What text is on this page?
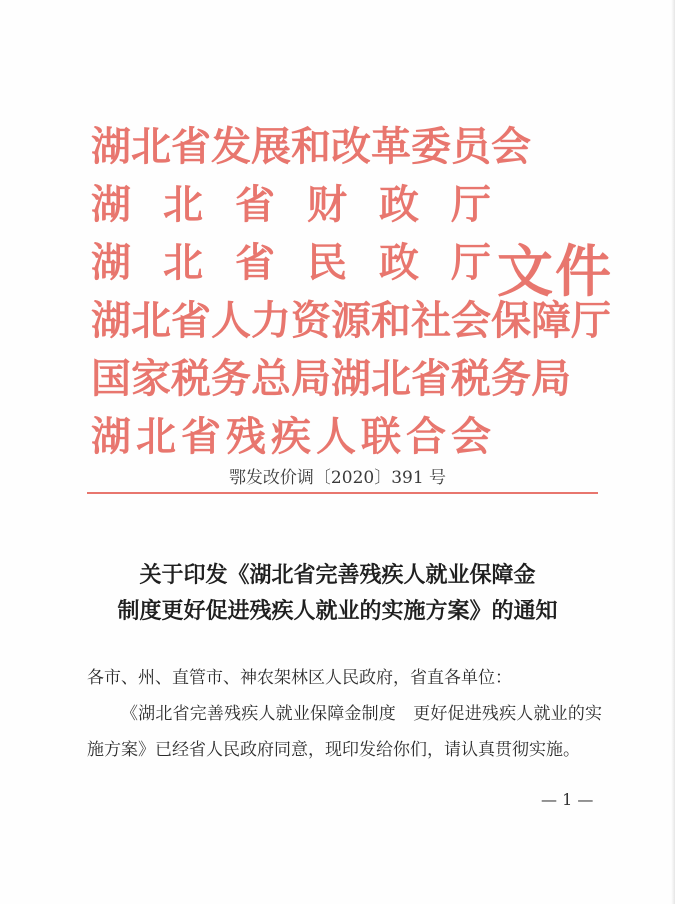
湖北省发展和改革委员会
湖北省财政厅
湖北省民政厅
湖北省人力资源和社会保障厅
国家税务总局湖北省税务局
湖北省残疾人联合会
文件
鄂发改价调〔2020〕391 号
关于印发《湖北省完善残疾人就业保障金
制度更好促进残疾人就业的实施方案》的通知

各市、州、直管市、神农架林区人民政府，省直各单位：

《湖北省完善残疾人就业保障金制度　更好促进残疾人就业的实施方案》已经省人民政府同意，现印发给你们，请认真贯彻实施。

— 1 —
